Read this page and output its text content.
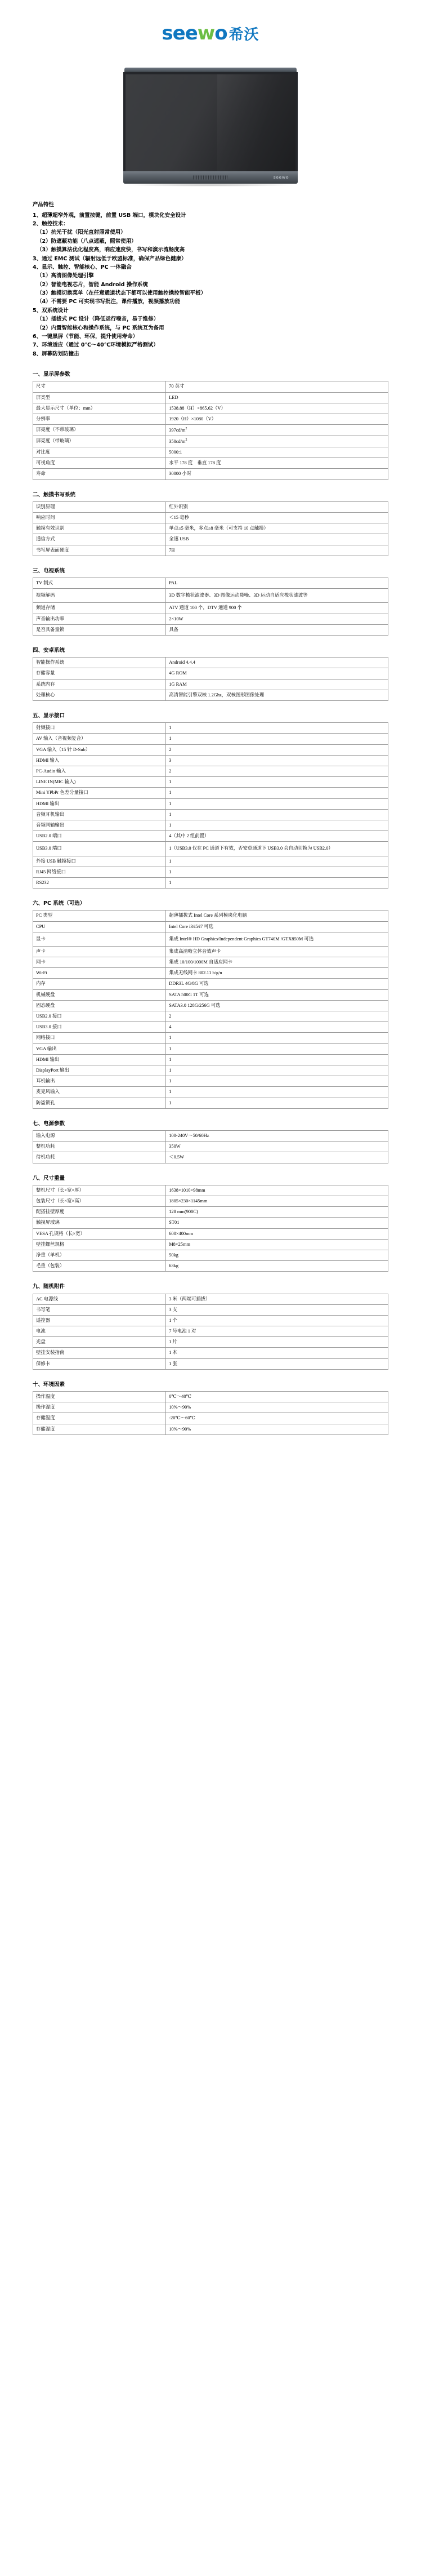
seewo 希沃
seewo
产品特性
1、超薄超窄外观，前置按键，前置 USB 端口，模块化安全设计
2、触控技术：
（1）抗光干扰（阳光直射照常使用）
（2）防遮蔽功能（八点遮蔽，照常使用）
（3）触摸算法优化程度高，响应速度快，书写和演示流畅度高
3、通过 EMC 测试（辐射远低于欧盟标准，确保产品绿色健康）
4、显示、触控、智能核心、PC 一体融合
（1）高清图像处理引擎
（2）智能电视芯片，智能 Android 操作系统
（3）触摸切换菜单（在任意通道状态下都可以使用触控操控智能平板）
（4）不需要 PC 可实现书写批注，课件播放，视频播放功能
5、双系统设计
（1）插拔式 PC 设计（降低运行噪音，易于维修）
（2）内置智能核心和操作系统，与 PC 系统互为备用
6、一键黑屏（节能、环保，提升使用寿命）
7、环境适应（通过 0℃～40℃环境模拟严格测试）
8、屏幕防划防撞击
一、显示屏参数
尺寸	70 英寸
屏类型	LED
最大显示尺寸（单位：mm）	1538.88（H）×865.62（V）
分辨率	1920（H）×1080（V）
屏亮度（不带玻璃）	$397cd/m^2$
屏亮度（带玻璃）	$350cd/m^2$
对比度	5000:1
可视角度	水平 178 度　垂直 178 度
寿命	30000 小时
二、触摸书写系统
识别原理	红外识别
响应时间	＜15 毫秒
触摸有效识别	单点≥5 毫米，多点≥8 毫米（可支持 10 点触摸）
通信方式	全速 USB
书写屏表面硬度	7H
三、电视系统
TV 制式	PAL
视频解码	3D 数字梳状滤波器、3D 图像运动降噪、3D 运动自适应梳状滤波等
频道存储	ATV 通道 100 个，DTV 通道 900 个
声音输出功率	2×10W
是否具备童锁	具备
四、安卓系统
智能操作系统	Android 4.4.4
存储容量	4G ROM
系统内存	1G RAM
处理核心	高清智能引擎双核 1.2Ghz，双核图形图像处理
五、显示接口
射频接口	1
AV 输入（音视频复合）	1
VGA 输入（15 针 D-Sub）	2
HDMI 输入	3
PC-Audio 输入	2
LINE IN(MIC 输入)	1
Mini YPbPr 色差分量接口	1
HDMI 输出	1
音频耳机输出	1
音频同轴输出	1
USB2.0 端口	4（其中 2 组前置）
USB3.0 端口	1（USB3.0 仅在 PC 通道下有效，否安卓通道下 USB3.0 会自动切换为 USB2.0）
外接 USB 触摸接口	1
RJ45 网络接口	1
RS232	1
六、PC 系统（可选）
PC 类型	超薄插拔式 Intel Core 系列模块化电脑
CPU	Intel Core i3/i5/i7 可选
显卡	集成 Intel® HD Graphics/Independent Graphics GT740M /GTX850M 可选
声卡	集成高清晰立体音效声卡
网卡	集成 10/100/1000M 自适应网卡
Wi-Fi	集成无线网卡 802.11 b/g/n
内存	DDR3L 4G/8G 可选
机械硬盘	SATA 500G 1T 可选
固态硬盘	SATA3.0 128G/256G 可选
USB2.0 接口	2
USB3.0 接口	4
网络接口	1
VGA 输出	1
HDMI 输出	1
DisplayPort 输出	1
耳机输出	1
麦克风输入	1
防盗锁孔	1
七、电源参数
输入电源	100-240V～50/60Hz
整机功耗	350W
待机功耗	＜0.5W
八、尺寸重量
整机尺寸（长×宽×厚）	1638×1010×98mm
包装尺寸（长×宽×高）	1805×230×1145mm
配搭挂壁厚度	128 mm(900C)
触摸屏玻璃	ST01
VESA 孔规格（长×宽）	600×400mm
壁挂螺丝规格	M8×25mm
净重（单机）	50kg
毛重（包装）	63kg
九、随机附件
AC 电源线	3 米（两端可插拔）
书写笔	3 支
遥控器	1 个
电池	7 号电池 1 对
光盘	1 片
壁挂安装指南	1 本
保修卡	1 张
十、环境因素
操作温度	0℃～40℃
操作湿度	10%～90%
存储温度	-20℃～60℃
存储湿度	10%～90%
